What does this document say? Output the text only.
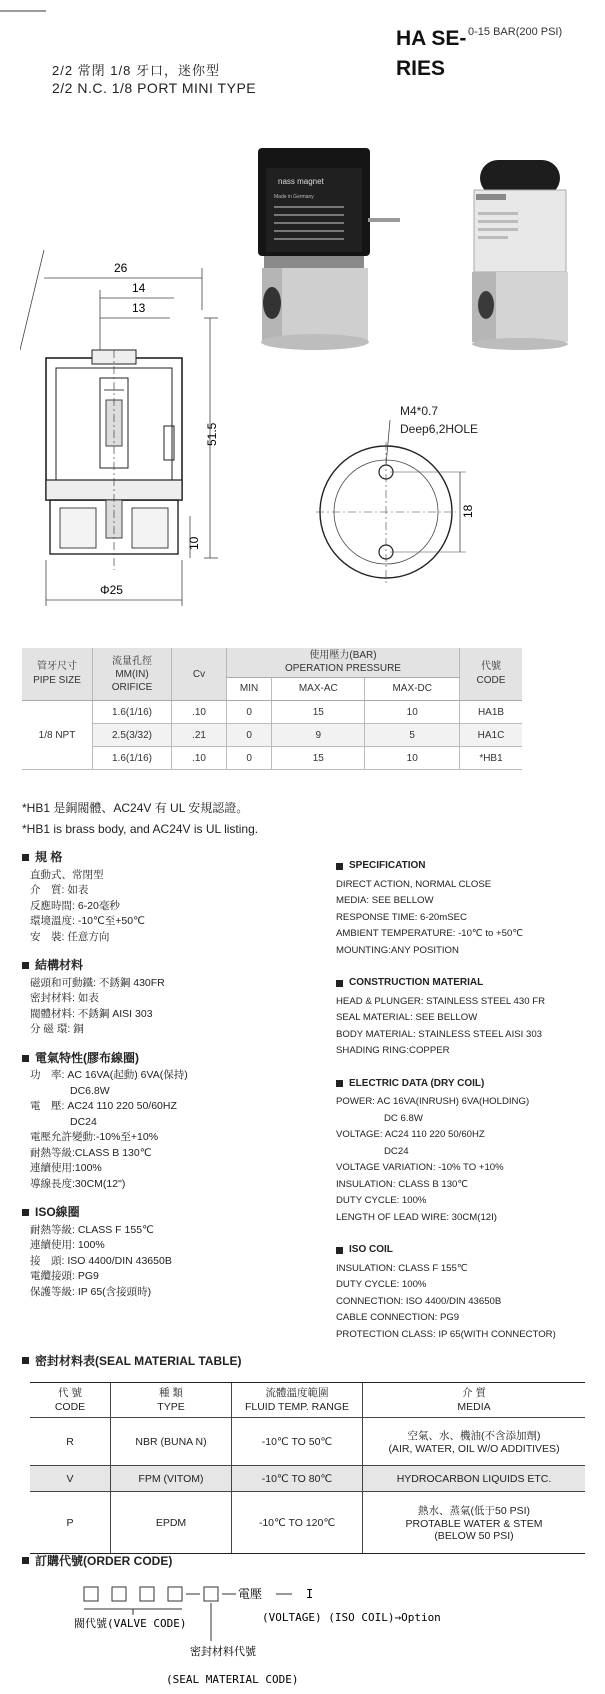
HA SE- RIES
0-15 BAR(200 PSI)
2/2 常閉 1/8 牙口，迷你型
2/2 N.C. 1/8 PORT MINI TYPE
nass magnet
Made in Germany
26
14
13
51.5
10
Φ25
18
M4*0.7
Deep6,2HOLE
管牙尺寸
PIPE SIZE	流量孔徑
MM(IN)
ORIFICE	Cv	使用壓力(BAR)
OPERATION PRESSURE			代號
CODE
			MIN	MAX-AC	MAX-DC	
1/8 NPT	1.6(1/16)	.10	0	15	10	HA1B
	2.5(3/32)	.21	0	9	5	HA1C
	1.6(1/16)	.10	0	15	10	*HB1
*HB1 是銅閥體、AC24V 有 UL 安規認證。
*HB1 is brass body, and AC24V is UL listing.
規 格
直動式、常閉型
介　質: 如表
反應時間: 6-20毫秒
環境溫度: -10℃至+50℃
安　裝: 任意方向
結構材料
磁頭和可動鐵: 不銹鋼 430FR
密封材料: 如表
閥體材料: 不銹鋼 AISI 303
分 磁 環: 銅
電氣特性(膠布線圈)
功　率: AC 16VA(起動) 6VA(保持)
DC6.8W
電　壓: AC24 110 220 50/60HZ
DC24
電壓允許變動:-10%至+10%
耐熱等級:CLASS B 130℃
連續使用:100%
導線長度:30CM(12")
ISO線圈
耐熱等級: CLASS F 155℃
連續使用: 100%
接　頭: ISO 4400/DIN 43650B
電纜接頭: PG9
保護等級: IP 65(含接頭時)
SPECIFICATION
DIRECT ACTION, NORMAL CLOSE
MEDIA: SEE BELLOW
RESPONSE TIME: 6-20mSEC
AMBIENT TEMPERATURE: -10℃ to +50℃
MOUNTING:ANY POSITION
CONSTRUCTION MATERIAL
HEAD & PLUNGER: STAINLESS STEEL 430 FR
SEAL MATERIAL: SEE BELLOW
BODY MATERIAL: STAINLESS STEEL AISI 303
SHADING RING:COPPER
ELECTRIC DATA (DRY COIL)
POWER: AC 16VA(INRUSH) 6VA(HOLDING)
DC 6.8W
VOLTAGE: AC24 110 220 50/60HZ
DC24
VOLTAGE VARIATION: -10% TO +10%
INSULATION: CLASS B 130℃
DUTY CYCLE: 100%
LENGTH OF LEAD WIRE: 30CM(12I)
ISO COIL
INSULATION: CLASS F 155℃
DUTY CYCLE: 100%
CONNECTION: ISO 4400/DIN 43650B
CABLE CONNECTION: PG9
PROTECTION CLASS: IP 65(WITH CONNECTOR)
密封材料表(SEAL MATERIAL TABLE)
代 號
CODE	種 類
TYPE	流體溫度範圍
FLUID TEMP. RANGE	介 質
MEDIA
R	NBR (BUNA N)	-10℃ TO 50℃	空氣、水、機油(不含添加劑)
(AIR, WATER, OIL W/O ADDITIVES)
V	FPM (VITOM)	-10℃ TO 80℃	HYDROCARBON LIQUIDS ETC.
P	EPDM	-10℃ TO 120℃	熱水、蒸氣(低于50 PSI)
PROTABLE WATER & STEM
(BELOW 50 PSI)
訂購代號(ORDER CODE)
電壓	I
閥代號(VALVE CODE)	(VOLTAGE) (ISO COIL)→Option
密封材料代號
(SEAL MATERIAL CODE)
